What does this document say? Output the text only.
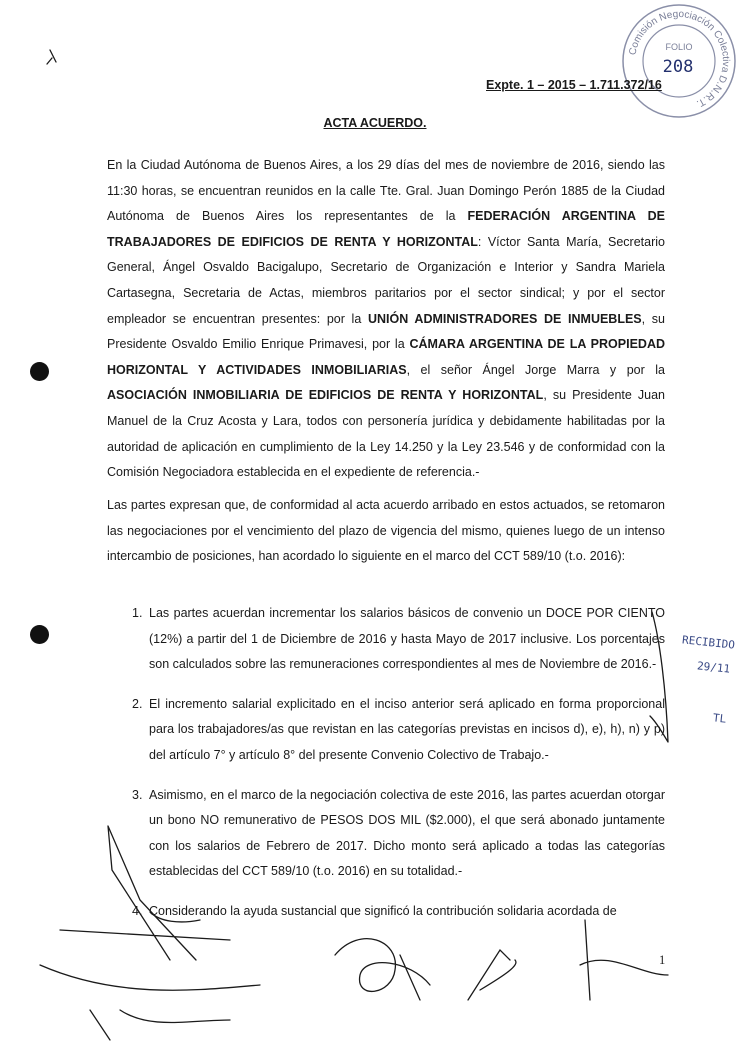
Comisión Negociación Colectiva D.N.R.T.
FOLIO
208
Expte. 1 – 2015 – 1.711.372/16
ACTA ACUERDO.

En la Ciudad Autónoma de Buenos Aires, a los 29 días del mes de noviembre de 2016, siendo las 11:30 horas, se encuentran reunidos en la calle Tte. Gral. Juan Domingo Perón 1885 de la Ciudad Autónoma de Buenos Aires los representantes de la FEDERACIÓN ARGENTINA DE TRABAJADORES DE EDIFICIOS DE RENTA Y HORIZONTAL: Víctor Santa María, Secretario General, Ángel Osvaldo Bacigalupo, Secretario de Organización e Interior y Sandra Mariela Cartasegna, Secretaria de Actas, miembros paritarios por el sector sindical; y por el sector empleador se encuentran presentes: por la UNIÓN ADMINISTRADORES DE INMUEBLES, su Presidente Osvaldo Emilio Enrique Primavesi, por la CÁMARA ARGENTINA DE LA PROPIEDAD HORIZONTAL Y ACTIVIDADES INMOBILIARIAS, el señor Ángel Jorge Marra y por la ASOCIACIÓN INMOBILIARIA DE EDIFICIOS DE RENTA Y HORIZONTAL, su Presidente Juan Manuel de la Cruz Acosta y Lara, todos con personería jurídica y debidamente habilitadas por la autoridad de aplicación en cumplimiento de la Ley 14.250 y la Ley 23.546 y de conformidad con la Comisión Negociadora establecida en el expediente de referencia.-

Las partes expresan que, de conformidad al acta acuerdo arribado en estos actuados, se retomaron las negociaciones por el vencimiento del plazo de vigencia del mismo, quienes luego de un intenso intercambio de posiciones, han acordado lo siguiente en el marco del CCT 589/10 (t.o. 2016):

1. Las partes acuerdan incrementar los salarios básicos de convenio un DOCE POR CIENTO (12%) a partir del 1 de Diciembre de 2016 y hasta Mayo de 2017 inclusive. Los porcentajes son calculados sobre las remuneraciones correspondientes al mes de Noviembre de 2016.-
2. El incremento salarial explicitado en el inciso anterior será aplicado en forma proporcional para los trabajadores/as que revistan en las categorías previstas en incisos d), e), h), n) y p) del artículo 7° y artículo 8° del presente Convenio Colectivo de Trabajo.-
3. Asimismo, en el marco de la negociación colectiva de este 2016, las partes acuerdan otorgar un bono NO remunerativo de PESOS DOS MIL ($2.000), el que será abonado juntamente con los salarios de Febrero de 2017. Dicho monto será aplicado a todas las categorías establecidas del CCT 589/10 (t.o. 2016) en su totalidad.-
4. Considerando la ayuda sustancial que significó la contribución solidaria acordada de
RECIBIDO
29/11
TL
1
